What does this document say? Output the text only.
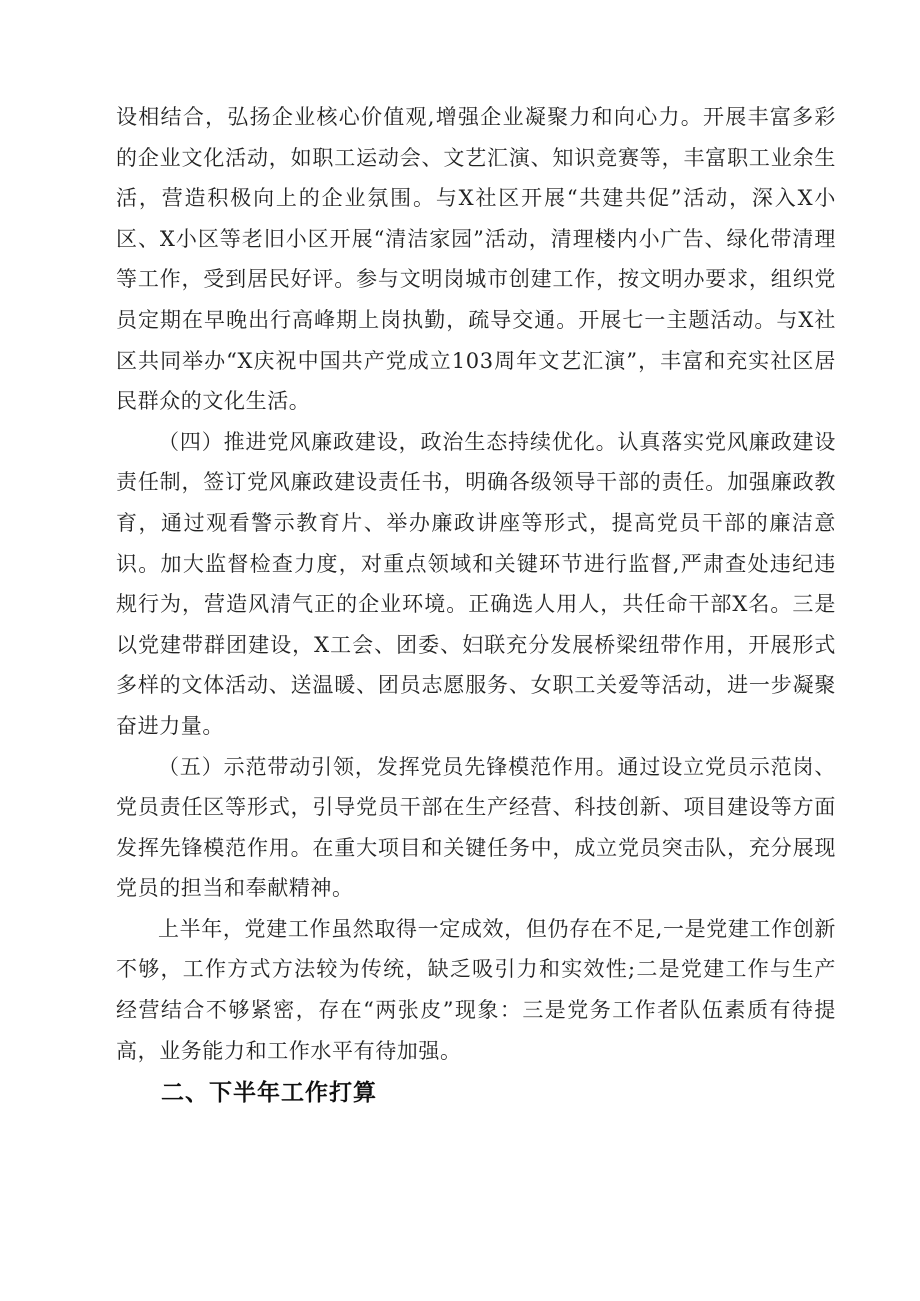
设相结合，弘扬企业核心价值观,增强企业凝聚力和向心力。开展丰富多彩的企业文化活动，如职工运动会、文艺汇演、知识竞赛等，丰富职工业余生活，营造积极向上的企业氛围。与X社区开展“共建共促”活动，深入X小区、X小区等老旧小区开展“清洁家园”活动，清理楼内小广告、绿化带清理等工作，受到居民好评。参与文明岗城市创建工作，按文明办要求，组织党员定期在早晚出行高峰期上岗执勤，疏导交通。开展七一主题活动。与X社区共同举办“X庆祝中国共产党成立103周年文艺汇演”，丰富和充实社区居民群众的文化生活。

（四）推进党风廉政建设，政治生态持续优化。认真落实党风廉政建设责任制，签订党风廉政建设责任书，明确各级领导干部的责任。加强廉政教育，通过观看警示教育片、举办廉政讲座等形式，提高党员干部的廉洁意识。加大监督检查力度，对重点领域和关键环节进行监督,严肃查处违纪违规行为，营造风清气正的企业环境。正确选人用人，共任命干部X名。三是以党建带群团建设，X工会、团委、妇联充分发展桥梁纽带作用，开展形式多样的文体活动、送温暖、团员志愿服务、女职工关爱等活动，进一步凝聚奋进力量。

（五）示范带动引领，发挥党员先锋模范作用。通过设立党员示范岗、党员责任区等形式，引导党员干部在生产经营、科技创新、项目建设等方面发挥先锋模范作用。在重大项目和关键任务中，成立党员突击队，充分展现党员的担当和奉献精神。

上半年，党建工作虽然取得一定成效，但仍存在不足,一是党建工作创新不够，工作方式方法较为传统，缺乏吸引力和实效性;二是党建工作与生产经营结合不够紧密，存在“两张皮”现象：三是党务工作者队伍素质有待提高，业务能力和工作水平有待加强。

二、下半年工作打算
